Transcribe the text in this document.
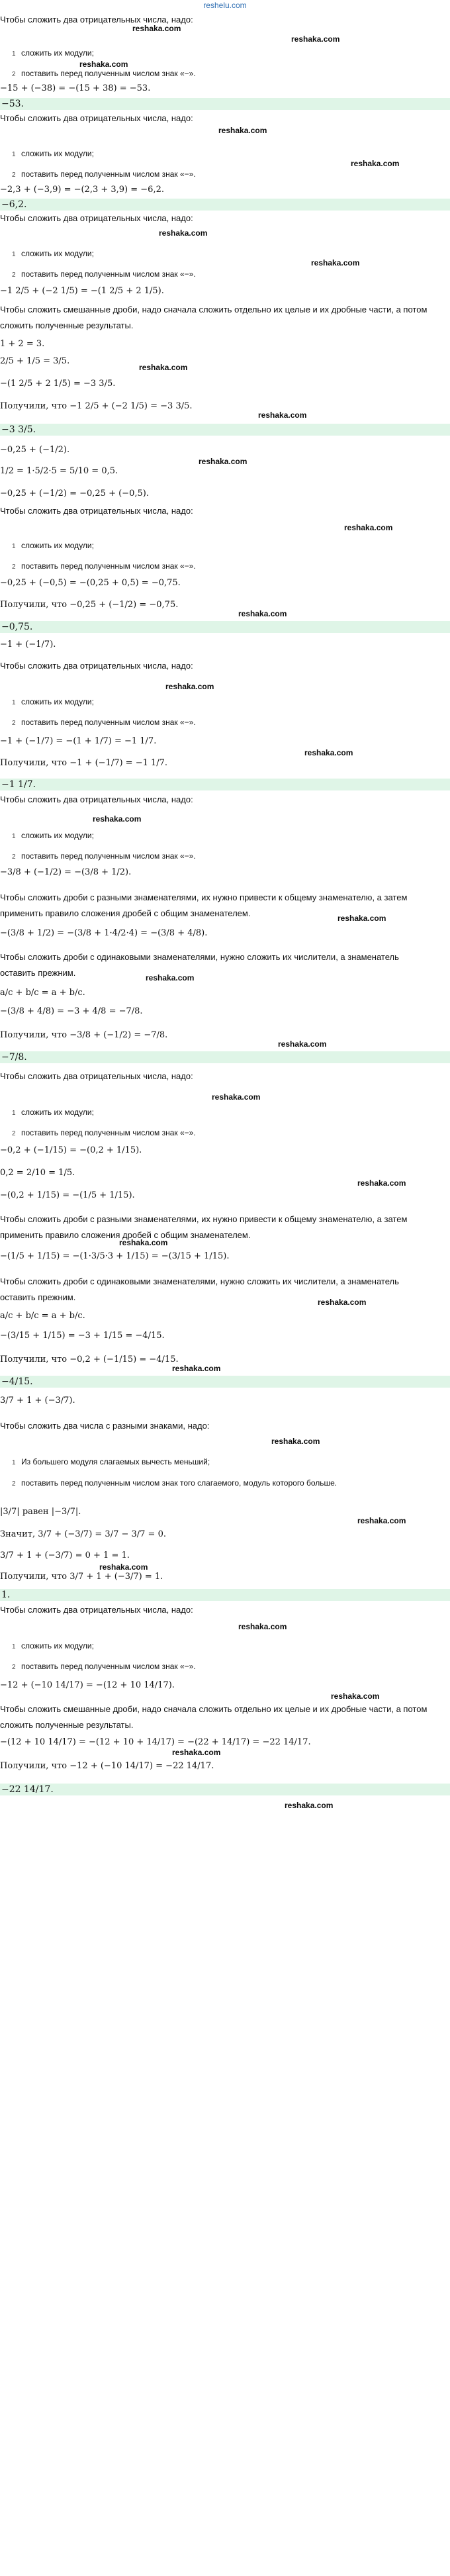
reshelu.com
Чтобы сложить два отрицательных числа, надо:
1 сложить их модули;
2 поставить перед полученным числом знак «−».
−15 + (−38) = −(15 + 38) = −53.
−53.
Чтобы сложить два отрицательных числа, надо:
1 сложить их модули;
2 поставить перед полученным числом знак «−».
−2,3 + (−3,9) = −(2,3 + 3,9) = −6,2.
−6,2.
Чтобы сложить два отрицательных числа, надо:
1 сложить их модули;
2 поставить перед полученным числом знак «−».
−1 2/5 + (−2 1/5) = −(1 2/5 + 2 1/5).
Чтобы сложить смешанные дроби, надо сначала сложить отдельно их целые и их дробные части, а потом сложить полученные результаты.
1 + 2 = 3.
2/5 + 1/5 = 3/5.
−(1 2/5 + 2 1/5) = −3 3/5.
Получили, что −1 2/5 + (−2 1/5) = −3 3/5.
−3 3/5.
−0,25 + (−1/2).
1/2 = 1·5/2·5 = 5/10 = 0,5.
−0,25 + (−1/2) = −0,25 + (−0,5).
Чтобы сложить два отрицательных числа, надо:
1 сложить их модули;
2 поставить перед полученным числом знак «−».
−0,25 + (−0,5) = −(0,25 + 0,5) = −0,75.
Получили, что −0,25 + (−1/2) = −0,75.
−0,75.
−1 + (−1/7).
Чтобы сложить два отрицательных числа, надо:
1 сложить их модули;
2 поставить перед полученным числом знак «−».
−1 + (−1/7) = −(1 + 1/7) = −1 1/7.
Получили, что −1 + (−1/7) = −1 1/7.
−1 1/7.
Чтобы сложить два отрицательных числа, надо:
1 сложить их модули;
2 поставить перед полученным числом знак «−».
−3/8 + (−1/2) = −(3/8 + 1/2).
Чтобы сложить дроби с разными знаменателями, их нужно привести к общему знаменателю, а затем применить правило сложения дробей с общим знаменателем.
−(3/8 + 1/2) = −(3/8 + 1·4/2·4) = −(3/8 + 4/8).
Чтобы сложить дроби с одинаковыми знаменателями, нужно сложить их числители, а знаменатель оставить прежним.
a/c + b/c = a + b/c.
−(3/8 + 4/8) = −3 + 4/8 = −7/8.
Получили, что −3/8 + (−1/2) = −7/8.
−7/8.
Чтобы сложить два отрицательных числа, надо:
1 сложить их модули;
2 поставить перед полученным числом знак «−».
−0,2 + (−1/15) = −(0,2 + 1/15).
0,2 = 2/10 = 1/5.
−(0,2 + 1/15) = −(1/5 + 1/15).
Чтобы сложить дроби с разными знаменателями, их нужно привести к общему знаменателю, а затем применить правило сложения дробей с общим знаменателем.
−(1/5 + 1/15) = −(1·3/5·3 + 1/15) = −(3/15 + 1/15).
Чтобы сложить дроби с одинаковыми знаменателями, нужно сложить их числители, а знаменатель оставить прежним.
a/c + b/c = a + b/c.
−(3/15 + 1/15) = −3 + 1/15 = −4/15.
Получили, что −0,2 + (−1/15) = −4/15.
−4/15.
3/7 + 1 + (−3/7).
Чтобы сложить два числа с разными знаками, надо:
1 Из большего модуля слагаемых вычесть меньший;
2 поставить перед полученным числом знак того слагаемого, модуль которого больше.
|3/7| равен |−3/7|.
Значит, 3/7 + (−3/7) = 3/7 − 3/7 = 0.
3/7 + 1 + (−3/7) = 0 + 1 = 1.
Получили, что 3/7 + 1 + (−3/7) = 1.
1.
Чтобы сложить два отрицательных числа, надо:
1 сложить их модули;
2 поставить перед полученным числом знак «−».
−12 + (−10 14/17) = −(12 + 10 14/17).
Чтобы сложить смешанные дроби, надо сначала сложить отдельно их целые и их дробные части, а потом сложить полученные результаты.
−(12 + 10 14/17) = −(12 + 10 + 14/17) = −(22 + 14/17) = −22 14/17.
Получили, что −12 + (−10 14/17) = −22 14/17.
−22 14/17.
reshaka.com
reshaka.com
reshaka.com
reshaka.com
reshaka.com
reshaka.com
reshaka.com
reshaka.com
reshaka.com
reshaka.com
reshaka.com
reshaka.com
reshaka.com
reshaka.com
reshaka.com
reshaka.com
reshaka.com
reshaka.com
reshaka.com
reshaka.com
reshaka.com
reshaka.com
reshaka.com
reshaka.com
reshaka.com
reshaka.com
reshaka.com
reshaka.com
reshaka.com
reshaka.com
